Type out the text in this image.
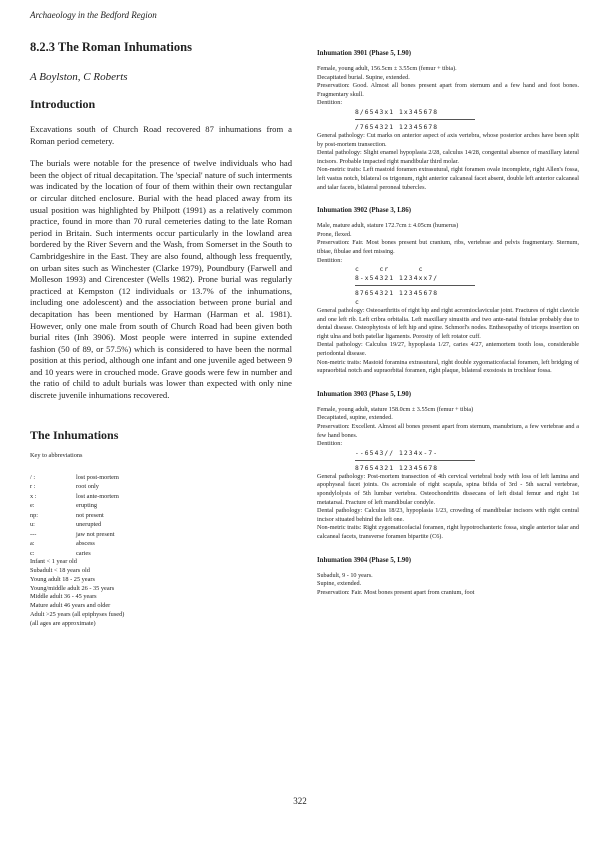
Archaeology in the Bedford Region
8.2.3 The Roman Inhumations
A Boylston, C Roberts
Introduction

Excavations south of Church Road recovered 87 inhumations from a Roman period cemetery.

The burials were notable for the presence of twelve individuals who had been the object of ritual decapitation. The 'special' nature of such interments was indicated by the location of four of them within their own rectangular or circular ditched enclosure. Burial with the head placed away from its usual position was highlighted by Philpott (1991) as a relatively common practice, found in more than 70 rural cemeteries dating to the late Roman period in Britain. Such interments occur particularly in the lowland area bordered by the River Severn and the Wash, from Somerset in the South to Cambridgeshire in the East. They are also found, although less frequently, on urban sites such as Winchester (Clarke 1979), Poundbury (Farwell and Molleson 1993) and Cirencester (Wells 1982). Prone burial was regularly practiced at Kempston (12 individuals or 13.7% of the inhumations, including one adolescent) and the association between prone burial and decapitation has been mentioned by Harman (Harman et al. 1981). However, only one male from south of Church Road had been given both burial rites (Inh 3906). Most people were interred in supine extended fashion (50 of 89, or 57.5%) which is considered to have been the normal position at this period, although one infant and one juvenile aged between 9 and 10 years were in crouched mode. Grave goods were few in number and the ratio of child to adult burials was lower than expected with only nine discrete juvenile inhumations recovered.

The Inhumations
Key to abbreviations
/ :	lost post-mortem
r :	root only
x :	lost ante-mortem
e:	erupting
np:	not present
u:	unerupted
---	jaw not present
a:	abscess
c:	caries
Infant < 1 year old
Subadult < 18 years old
Young adult 18 - 25 years
Young/middle adult 26 - 35 years
Middle adult 36 - 45 years
Mature adult 46 years and older
Adult >25 years (all epiphyses fused)
(all ages are approximate)
Inhumation 3901 (Phase 5, L90)
Female, young adult, 156.5cm ± 3.55cm (femur + tibia).
Decapitated burial. Supine, extended.
Preservation: Good. Almost all bones present apart from sternum and a few hand and foot bones. Fragmentary skull.
Dentition:
8/6543x1 1x345678
/7654321 12345678
General pathology: Cut marks on anterior aspect of axis vertebra, whose posterior arches have been split by post-mortem transection.
Dental pathology: Slight enamel hypoplasia 2/28, calculus 14/28, congenital absence of maxillary lateral incisors. Probable impacted right mandibular third molar.
Non-metric traits: Left mastoid foramen extrasutural, right foramen ovale incomplete, right Allen's fossa, left vastus notch, bilateral os trigonum, right anterior calcaneal facet absent, double left anterior calcaneal and talar facets, bilateral peroneal tubercles.
Inhumation 3902 (Phase 3, L86)
Male, mature adult, stature 172.7cm ± 4.05cm (humerus)
Prone, flexed.
Preservation: Fair. Most bones present but cranium, ribs, vertebrae and pelvis fragmentary. Sternum, tibiae, fibulae and feet missing.
Dentition:
c    cr      c
8-x54321 1234xx7/
87654321 12345678
c
General pathology: Osteoarthritis of right hip and right acromioclavicular joint. Fractures of right clavicle and one left rib. Left cribra orbitalia. Left maxillary sinusitis and two ante-natal fistulae probably due to dental disease. Osteophytosis of left hip and spine. Schmorl's nodes. Enthesopathy of triceps insertion on right ulna and both patellar ligaments. Porosity of left rotator cuff.
Dental pathology: Calculus 19/27, hypoplasia 1/27, caries 4/27, antemortem tooth loss, considerable periodontal disease.
Non-metric traits: Mastoid foramina extrasutural, right double zygomaticofacial foramen, left bridging of supraorbital notch and supraorbital foramen, right plaque, bilateral exostosis in trochlear fossa.
Inhumation 3903 (Phase 5, L90)
Female, young adult, stature 158.0cm ± 3.55cm (femur + tibia)
Decapitated, supine, extended.
Preservation: Excellent. Almost all bones present apart from sternum, manubrium, a few vertebrae and a few hand bones.
Dentition:
--6543// 1234x-7-
87654321 12345678
General pathology: Post-mortem transection of 4th cervical vertebral body with loss of left lamina and apophyseal facet joints. Os acromiale of right scapula, spina bifida of 3rd - 5th sacral vertebrae, spondylolysis of 5th lumbar vertebra. Osteochondritis dissecans of left distal femur and right 1st metatarsal. Fracture of left mandibular condyle.
Dental pathology: Calculus 18/23, hypoplasia 1/23, crowding of mandibular incisors with right central incisor situated behind the left one.
Non-metric traits: Right zygomaticofacial foramen, right hypotrochanteric fossa, single anterior talar and calcaneal facets, transverse foramen bipartite (C6).
Inhumation 3904 (Phase 5, L90)
Subadult, 9 - 10 years.
Supine, extended.
Preservation: Fair. Most bones present apart from cranium, foot
322
